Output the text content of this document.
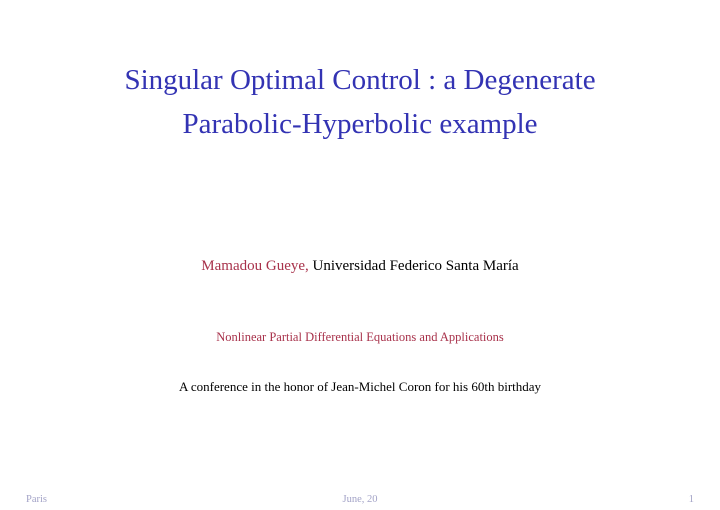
Singular Optimal Control : a Degenerate
Parabolic-Hyperbolic example
Mamadou Gueye, Universidad Federico Santa María
Nonlinear Partial Differential Equations and Applications
A conference in the honor of Jean-Michel Coron for his 60th birthday
June, 20
Paris	1
